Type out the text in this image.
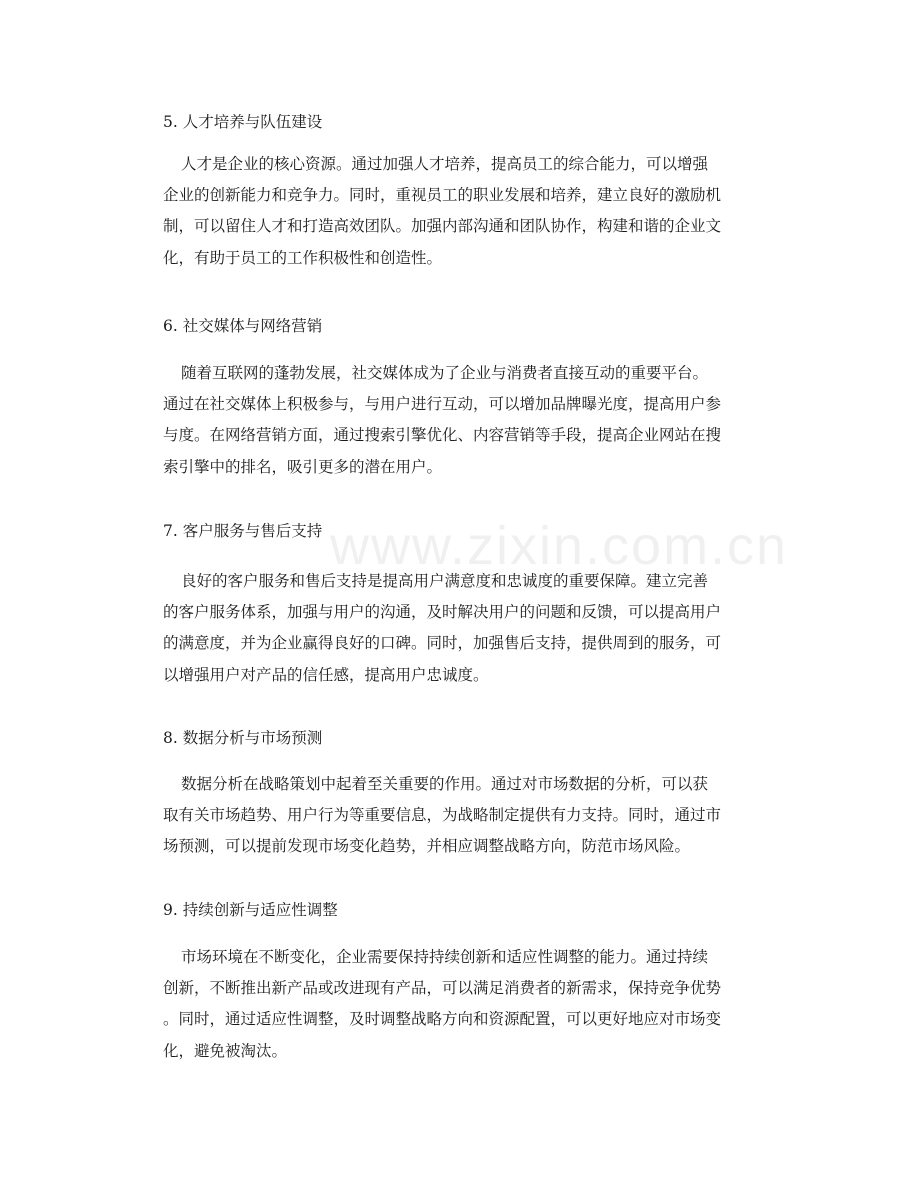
www.zixin.com.cn
5. 人才培养与队伍建设
人才是企业的核心资源。通过加强人才培养，提高员工的综合能力，可以增强
企业的创新能力和竞争力。同时，重视员工的职业发展和培养，建立良好的激励机
制，可以留住人才和打造高效团队。加强内部沟通和团队协作，构建和谐的企业文
化，有助于员工的工作积极性和创造性。
6. 社交媒体与网络营销
随着互联网的蓬勃发展，社交媒体成为了企业与消费者直接互动的重要平台。
通过在社交媒体上积极参与，与用户进行互动，可以增加品牌曝光度，提高用户参
与度。在网络营销方面，通过搜索引擎优化、内容营销等手段，提高企业网站在搜
索引擎中的排名，吸引更多的潜在用户。
7. 客户服务与售后支持
良好的客户服务和售后支持是提高用户满意度和忠诚度的重要保障。建立完善
的客户服务体系，加强与用户的沟通，及时解决用户的问题和反馈，可以提高用户
的满意度，并为企业赢得良好的口碑。同时，加强售后支持，提供周到的服务，可
以增强用户对产品的信任感，提高用户忠诚度。
8. 数据分析与市场预测
数据分析在战略策划中起着至关重要的作用。通过对市场数据的分析，可以获
取有关市场趋势、用户行为等重要信息，为战略制定提供有力支持。同时，通过市
场预测，可以提前发现市场变化趋势，并相应调整战略方向，防范市场风险。
9. 持续创新与适应性调整
市场环境在不断变化，企业需要保持持续创新和适应性调整的能力。通过持续
创新，不断推出新产品或改进现有产品，可以满足消费者的新需求，保持竞争优势
。同时，通过适应性调整，及时调整战略方向和资源配置，可以更好地应对市场变
化，避免被淘汰。
